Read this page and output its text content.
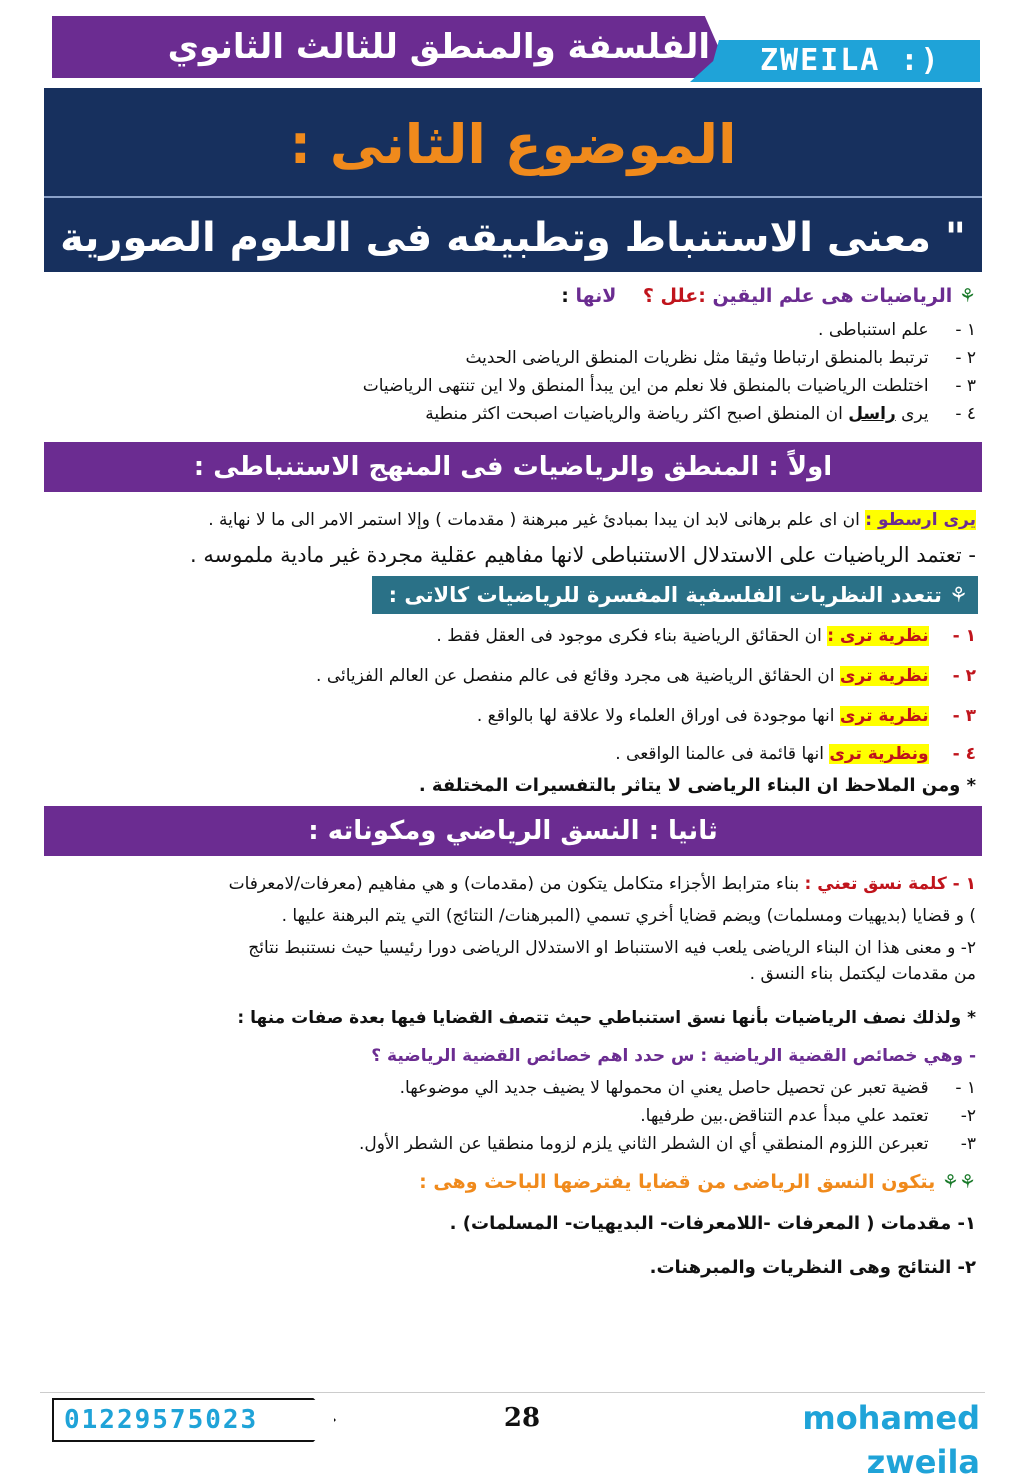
الفلسفة والمنطق للثالث الثانوي ZWEILA :)
الموضوع الثانى :
" معنى الاستنباط وتطبيقه فى العلوم الصورية "	⚘ الرياضيات هى علم اليقين :علل ؟    لانها :
١ - علم استنباطى .
٢ - ترتبط بالمنطق ارتباطا وثيقا مثل نظريات المنطق الرياضى الحديث
٣ - اختلطت الرياضيات بالمنطق فلا نعلم من اين يبدأ المنطق ولا اين تنتهى الرياضيات
٤ - يرى راسل ان المنطق اصبح اكثر رياضة والرياضيات اصبحت اكثر منطية
اولاً : المنطق والرياضيات فى المنهج الاستنباطى :
يرى ارسطو : ان اى علم برهانى لابد ان يبدا بمبادئ غير مبرهنة ( مقدمات ) وإلا استمر الامر الى ما لا نهاية .
- تعتمد الرياضيات على الاستدلال الاستنباطى لانها مفاهيم عقلية مجردة غير مادية ملموسه .
⚘ تتعدد النظريات الفلسفية المفسرة للرياضيات كالاتى :
١ - نظرية ترى : ان الحقائق الرياضية بناء فكرى موجود فى العقل فقط .
٢ - نظرية ترى ان الحقائق الرياضية هى مجرد وقائع فى عالم منفصل عن العالم الفزيائى .
٣ - نظرية ترى انها موجودة فى اوراق العلماء ولا علاقة لها بالواقع .
٤ - ونظرية ترى انها قائمة فى عالمنا الواقعى .
* ومن الملاحظ ان البناء الرياضى لا يتاثر بالتفسيرات المختلفة .
ثانيا : النسق الرياضي ومكوناته :
١ - كلمة نسق تعني : بناء مترابط الأجزاء متكامل يتكون من (مقدمات) و هي مفاهيم (معرفات/لامعرفات
) و قضايا (بديهيات ومسلمات) ويضم قضايا أخري تسمي (المبرهنات/ النتائج) التي يتم البرهنة عليها .
٢- و معنى هذا ان البناء الرياضى يلعب فيه الاستنباط او الاستدلال الرياضى دورا رئيسيا حيث نستنبط نتائج
من مقدمات ليكتمل بناء النسق .
* ولذلك نصف الرياضيات بأنها نسق استنباطي حيث تتصف القضايا فيها بعدة صفات منها :
- وهي خصائص القضية الرياضية : س حدد اهم خصائص القضية الرياضية ؟
١ - قضية تعبر عن تحصيل حاصل يعني ان محمولها لا يضيف جديد الي موضوعها.
٢- تعتمد علي مبدأ عدم التناقض.بين طرفيها.
٣- تعبرعن اللزوم المنطقي أي ان الشطر الثاني يلزم لزوما منطقيا عن الشطر الأول.
⚘⚘ يتكون النسق الرياضى من قضايا يفترضها الباحث وهى :
١- مقدمات ( المعرفات -اللامعرفات- البديهيات- المسلمات) .
٢- النتائج وهى النظريات والمبرهنات.
01229575023	28	mohamed zweila
